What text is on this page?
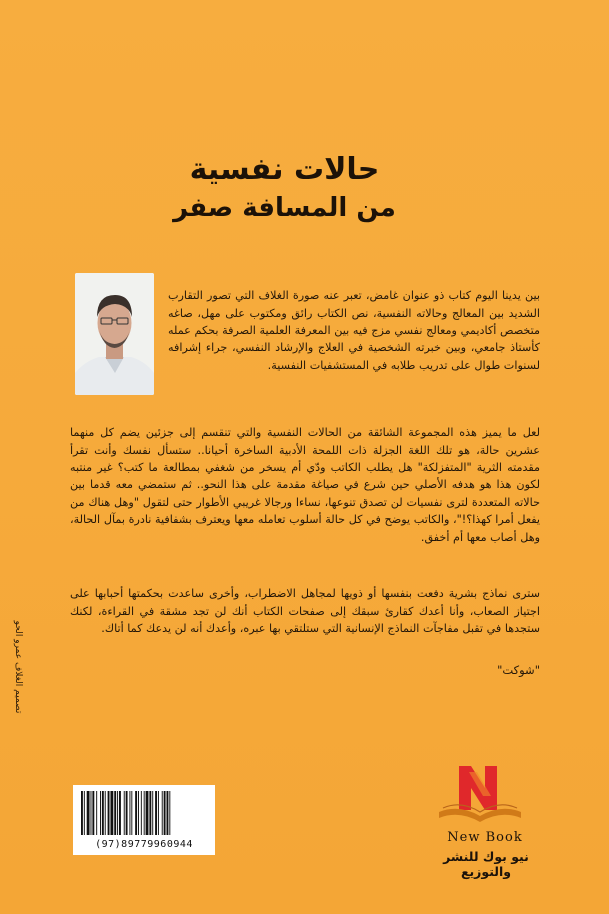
حالات نفسية
من المسافة صفر

بين يدينا اليوم كتاب ذو عنوان غامض، تعبر عنه صورة الغلاف التي تصور التقارب الشديد بين المعالج وحالاته النفسية، نص الكتاب رائق ومكتوب على مهل، صاغه متخصص أكاديمي ومعالج نفسي مزج فيه بين المعرفة العلمية الصرفة بحكم عمله كأستاذ جامعي، وبين خبرته الشخصية في العلاج والإرشاد النفسي، جراء إشرافه لسنوات طوال على تدريب طلابه في المستشفيات النفسية.

لعل ما يميز هذه المجموعة الشائقة من الحالات النفسية والتي تنقسم إلى جزئين يضم كل منهما عشرين حالة، هو تلك اللغة الجزلة ذات اللمحة الأدبية الساخرة أحيانا.. ستسأل نفسك وأنت تقرأ مقدمته الثرية "المتفزلكة" هل يطلب الكاتب ودّي أم يسخر من شغفي بمطالعة ما كتب؟ غير منتبه لكون هذا هو هدفه الأصلي حين شرع في صياغة مقدمة على هذا النحو.. ثم ستمضي معه قدما بين حالاته المتعددة لترى نفسيات لن تصدق تنوعها، نساءا ورجالا غريبي الأطوار حتى لتقول "وهل هناك من يفعل أمرا كهذا؟!"، والكاتب يوضح في كل حالة أسلوب تعامله معها ويعترف بشفافية نادرة بمآل الحالة، وهل أصاب معها أم أخفق.

سترى نماذج بشرية دفعت بنفسها أو ذويها لمجاهل الاضطراب، وأخرى ساعدت بحكمتها أحبابها على اجتياز الصعاب، وأنا أعدك كقارئ سبقك إلى صفحات الكتاب أنك لن تجد مشقة في القراءة، لكنك ستجدها في تقبل مفاجآت النماذج الإنسانية التي ستلتقي بها عبره، وأعدك أنه لن يدعك كما أتاك.

"شوكت"
تصميم الغلاف عمرو الحو
(97)89779960944	New Book
نيو بوك للنشر والتوزيع
